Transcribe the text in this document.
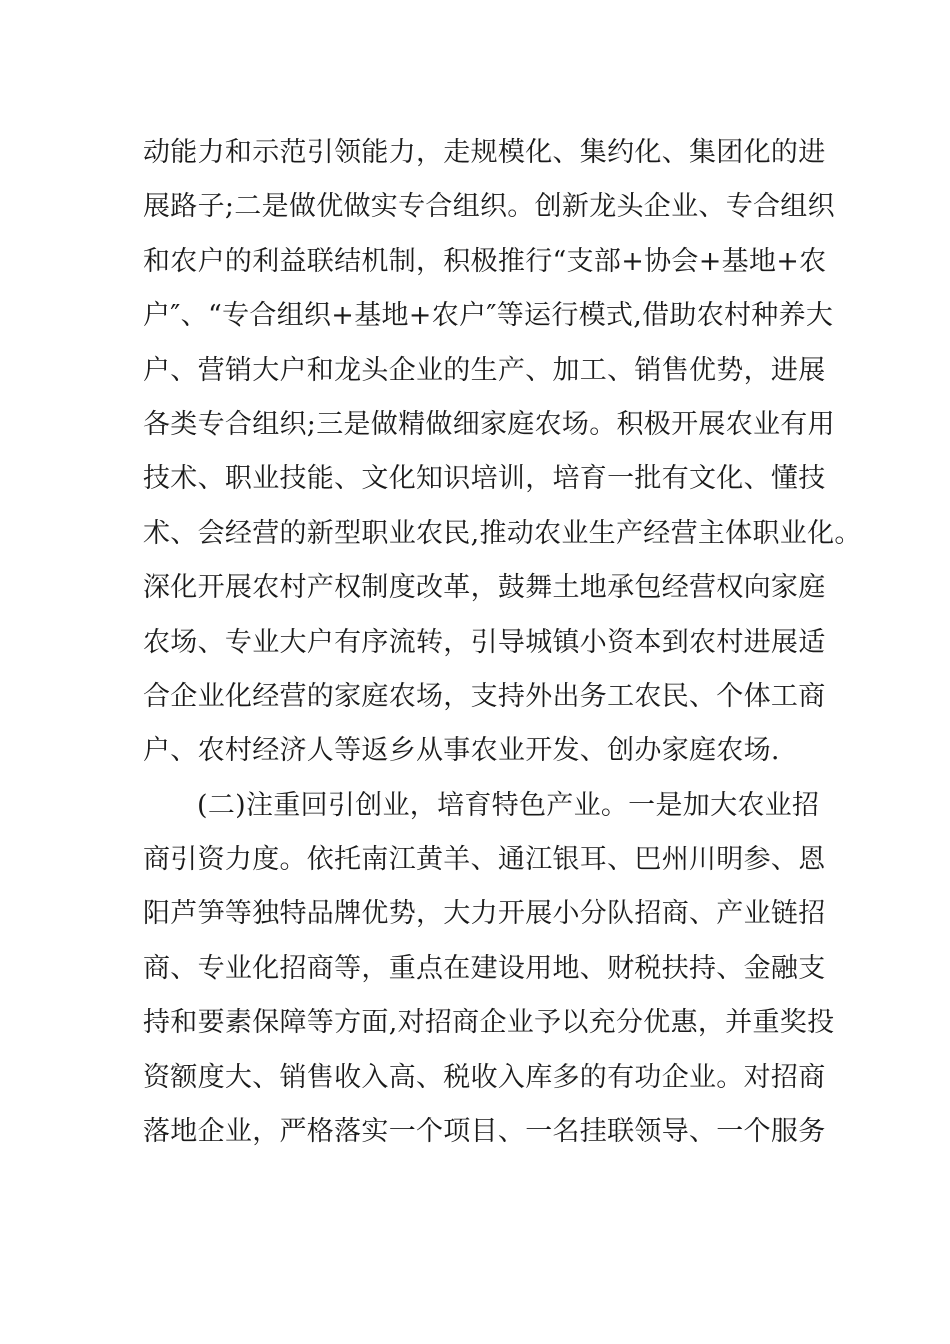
动能力和示范引领能力，走规模化、集约化、集团化的进
展路子;二是做优做实专合组织。创新龙头企业、专合组织
和农户的利益联结机制，积极推行“支部+协会+基地+农
户″、“专合组织+基地+农户″等运行模式,借助农村种养大
户、营销大户和龙头企业的生产、加工、销售优势，进展
各类专合组织;三是做精做细家庭农场。积极开展农业有用
技术、职业技能、文化知识培训，培育一批有文化、懂技
术、会经营的新型职业农民,推动农业生产经营主体职业化。
深化开展农村产权制度改革，鼓舞土地承包经营权向家庭
农场、专业大户有序流转，引导城镇小资本到农村进展适
合企业化经营的家庭农场，支持外出务工农民、个体工商
户、农村经济人等返乡从事农业开发、创办家庭农场.
(二)注重回引创业，培育特色产业。一是加大农业招
商引资力度。依托南江黄羊、通江银耳、巴州川明参、恩
阳芦笋等独特品牌优势，大力开展小分队招商、产业链招
商、专业化招商等，重点在建设用地、财税扶持、金融支
持和要素保障等方面,对招商企业予以充分优惠，并重奖投
资额度大、销售收入高、税收入库多的有功企业。对招商
落地企业，严格落实一个项目、一名挂联领导、一个服务
